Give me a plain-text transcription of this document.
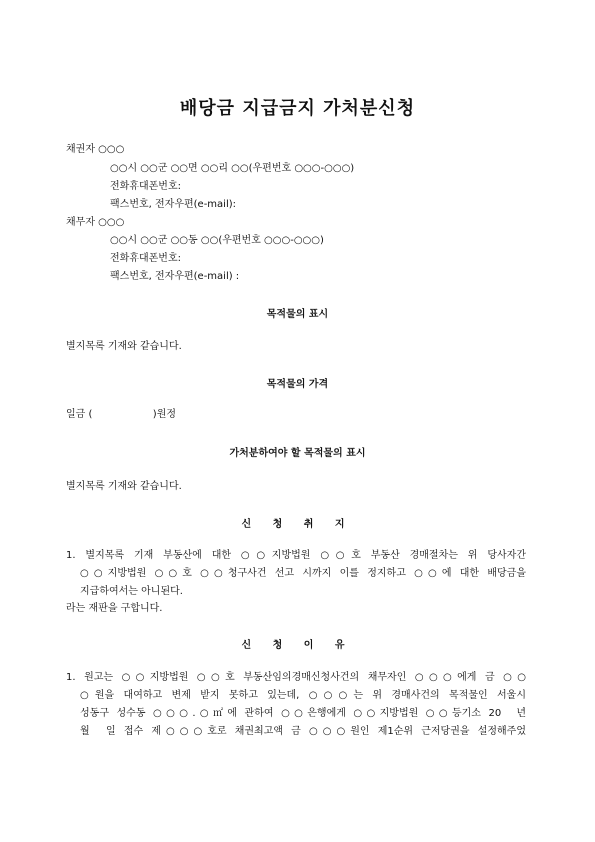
배당금 지급금지 가처분신청
채권자 ○○○
○○시 ○○군 ○○면 ○○리 ○○(우편번호 ○○○-○○○)
전화휴대폰번호:
팩스번호, 전자우편(e-mail):
채무자 ○○○
○○시 ○○군 ○○동 ○○(우편번호 ○○○-○○○)
전화휴대폰번호:
팩스번호, 전자우편(e-mail) :
목적물의 표시
별지목록 기재와 같습니다.
목적물의 가격
일금 (                   )원정
가처분하여야 할 목적물의 표시
별지목록 기재와 같습니다.
신 청 취 지
1. 별지목록 기재 부동산에 대한 ○○지방법원 ○○호 부동산 경매절차는 위 당사자간
○○지방법원 ○○호 ○○청구사건 선고 시까지 이를 정지하고 ○○에 대한 배당금을
지급하여서는 아니된다.
라는 재판을 구합니다.
신 청 이 유
1. 원고는 ○○지방법원 ○○호 부동산임의경매신청사건의 채무자인 ○○○에게 금 ○○
○원을 대여하고 변제 받지 못하고 있는데, ○○○는 위 경매사건의 목적물인 서울시
성동구 성수동 ○○○.○㎡에 관하여 ○○은행에게 ○○지방법원 ○○등기소 20  년
월  일 접수 제○○○호로 채권최고액 금 ○○○원인 제1순위 근저당권을 설정해주었
